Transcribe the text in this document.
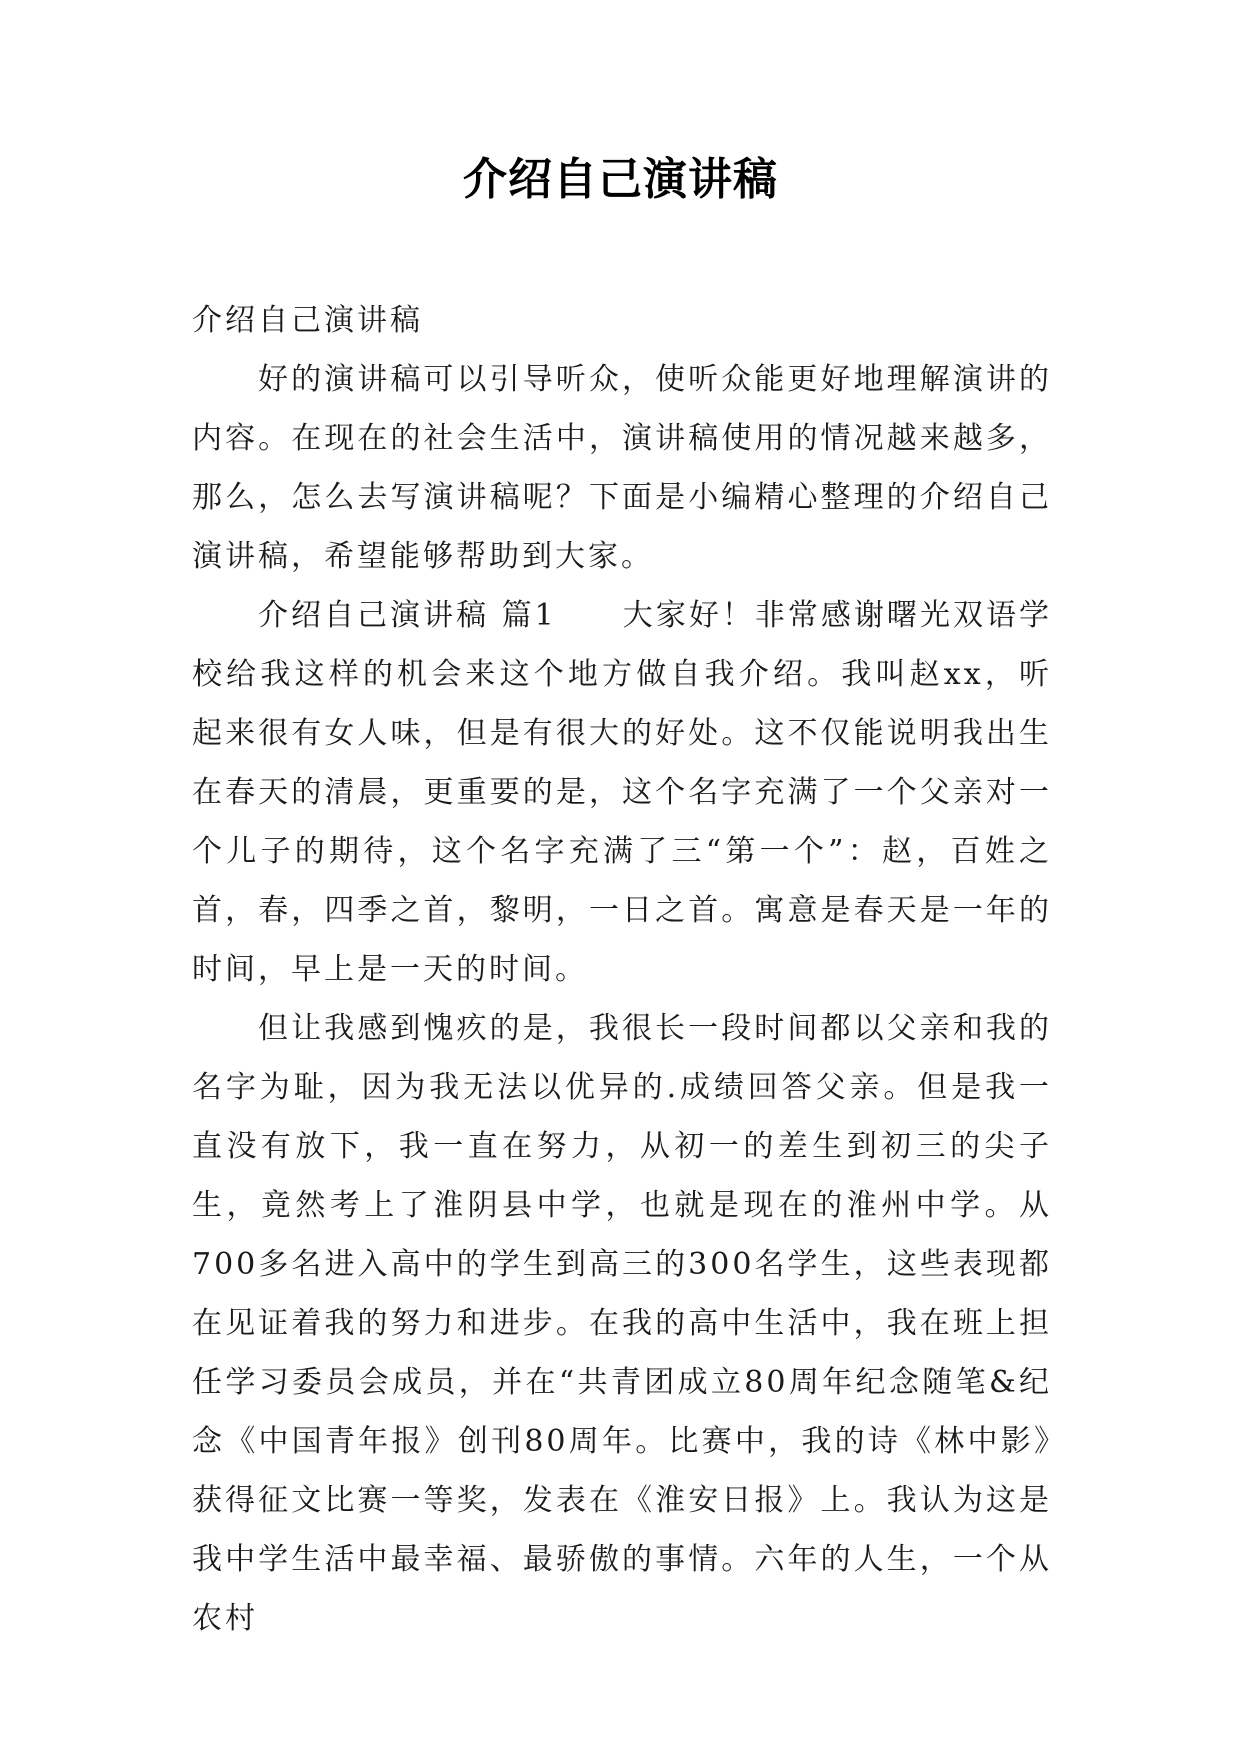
介绍自己演讲稿

介绍自己演讲稿

好的演讲稿可以引导听众，使听众能更好地理解演讲的内容。在现在的社会生活中，演讲稿使用的情况越来越多，那么，怎么去写演讲稿呢？下面是小编精心整理的介绍自己演讲稿，希望能够帮助到大家。

介绍自己演讲稿 篇1　　大家好！非常感谢曙光双语学校给我这样的机会来这个地方做自我介绍。我叫赵xx，听起来很有女人味，但是有很大的好处。这不仅能说明我出生在春天的清晨，更重要的是，这个名字充满了一个父亲对一个儿子的期待，这个名字充满了三“第一个”：赵，百姓之首，春，四季之首，黎明，一日之首。寓意是春天是一年的时间，早上是一天的时间。

但让我感到愧疚的是，我很长一段时间都以父亲和我的名字为耻，因为我无法以优异的.成绩回答父亲。但是我一直没有放下，我一直在努力，从初一的差生到初三的尖子生，竟然考上了淮阴县中学，也就是现在的淮州中学。从700多名进入高中的学生到高三的300名学生，这些表现都在见证着我的努力和进步。在我的高中生活中，我在班上担任学习委员会成员，并在“共青团成立80周年纪念随笔&纪念《中国青年报》创刊80周年。比赛中，我的诗《林中影》获得征文比赛一等奖，发表在《淮安日报》上。我认为这是我中学生活中最幸福、最骄傲的事情。六年的人生，一个从农村
